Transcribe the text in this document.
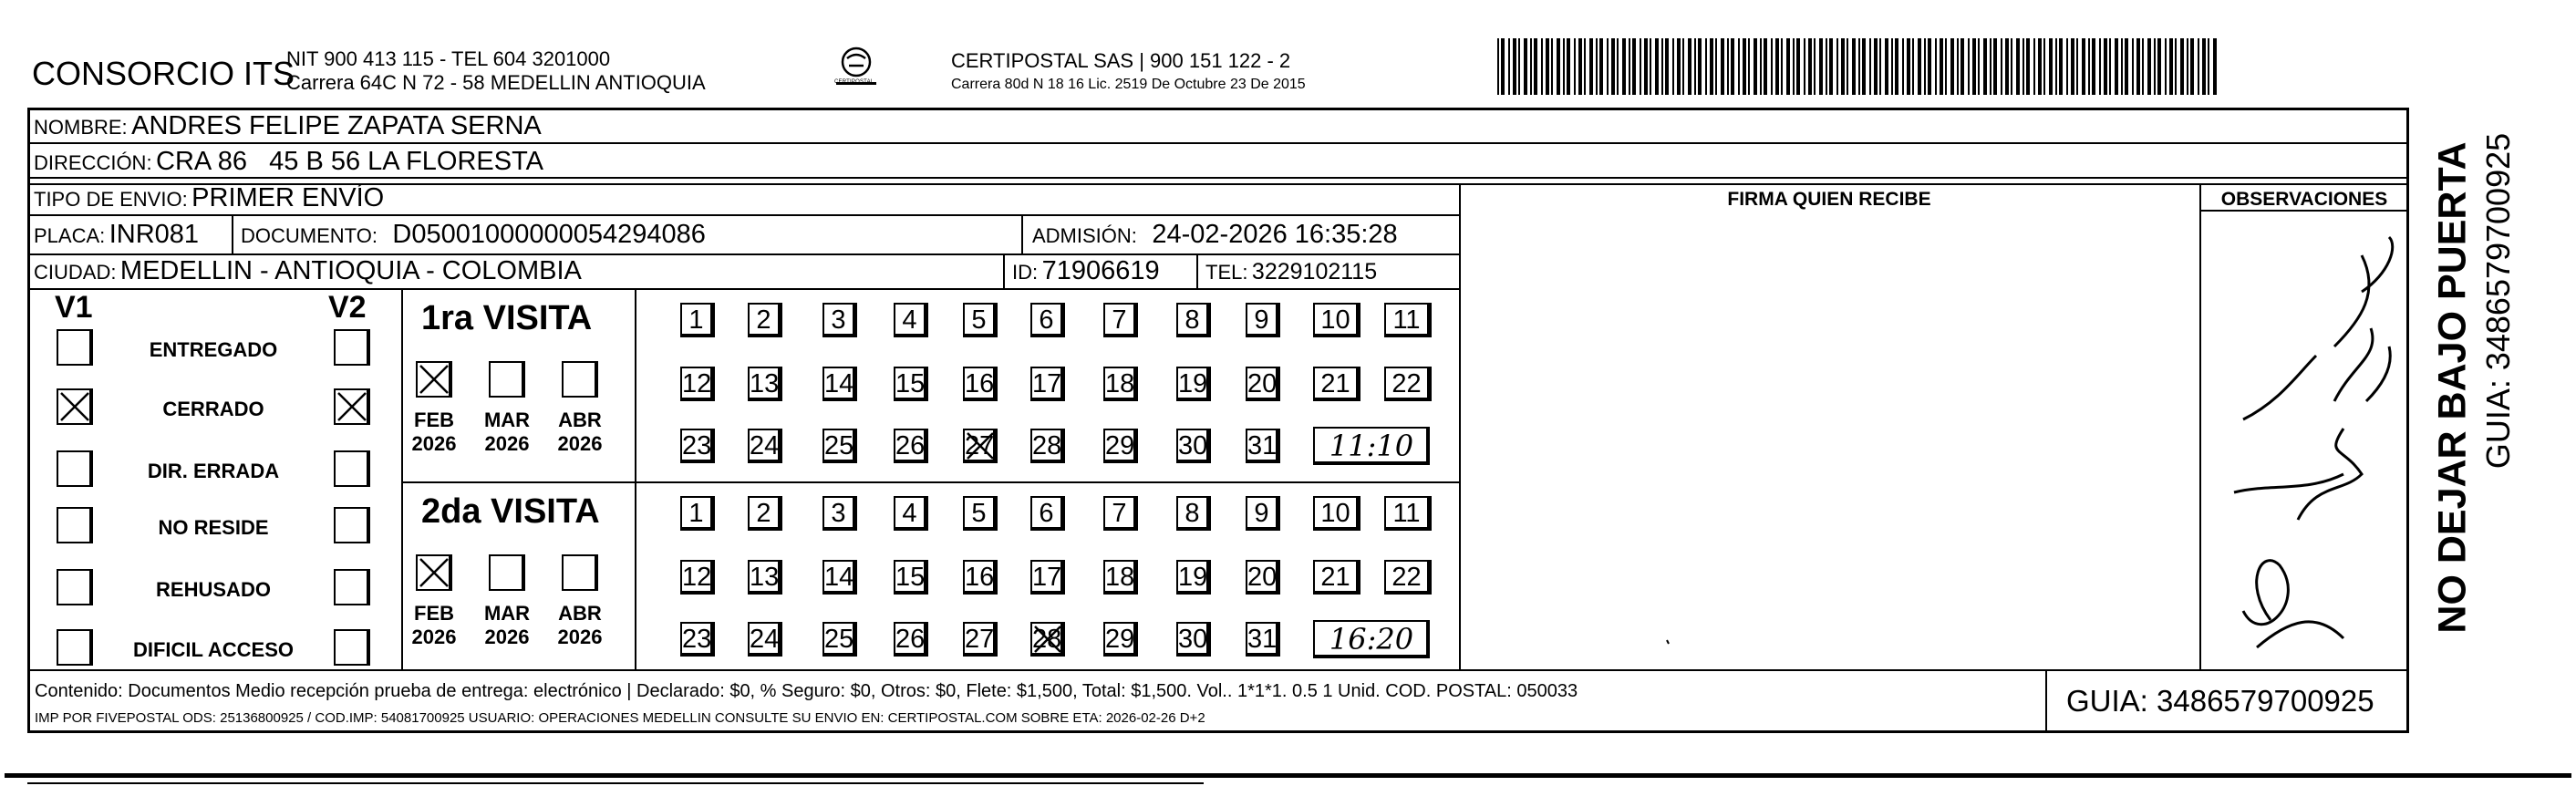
CONSORCIO ITS
NIT 900 413 115 - TEL 604 3201000
Carrera 64C N 72 - 58 MEDELLIN ANTIOQUIA	CERTIPOSTAL
CERTIPOSTAL SAS | 900 151 122 - 2
Carrera 80d N 18 16 Lic. 2519 De Octubre 23 De 2015
NOMBRE: ANDRES FELIPE ZAPATA SERNA
DIRECCIÓN: CRA 86   45 B 56 LA FLORESTA
TIPO DE ENVIO: PRIMER ENVÍO
PLACA: INR081 DOCUMENTO: D05001000000054294086	ADMISIÓN: 24-02-2026 16:35:28
CIUDAD: MEDELLIN - ANTIOQUIA - COLOMBIA	ID: 71906619 TEL: 3229102115
FIRMA QUIEN RECIBE	OBSERVACIONES
V1	V2
ENTREGADO
CERRADO
DIR. ERRADA
NO RESIDE
REHUSADO
DIFICIL ACCESO
1ra VISITA
FEB
2026
MAR
2026
ABR
2026
1	2	3	4	5	6	7	8	9	10	11
12 13 14 15 16 17 18 19 20 21	22
23 24 25 26 27 28 29 30 31	11:10
2da VISITA
FEB
2026
MAR
2026
ABR
2026
1	2	3	4	5	6	7	8	9	10	11
12 13 14 15 16 17 18 19 20 21	22
23 24 25 26 27 28 29 30 31	16:20
Contenido: Documentos Medio recepción prueba de entrega: electrónico | Declarado: $0, % Seguro: $0, Otros: $0, Flete: $1,500, Total: $1,500. Vol.. 1*1*1. 0.5 1 Unid. COD. POSTAL: 050033
IMP POR FIVEPOSTAL ODS: 25136800925 / COD.IMP: 54081700925 USUARIO: OPERACIONES MEDELLIN CONSULTE SU ENVIO EN: CERTIPOSTAL.COM SOBRE ETA: 2026-02-26 D+2
GUIA: 3486579700925
NO DEJAR BAJO PUERTA GUIA: 3486579700925
